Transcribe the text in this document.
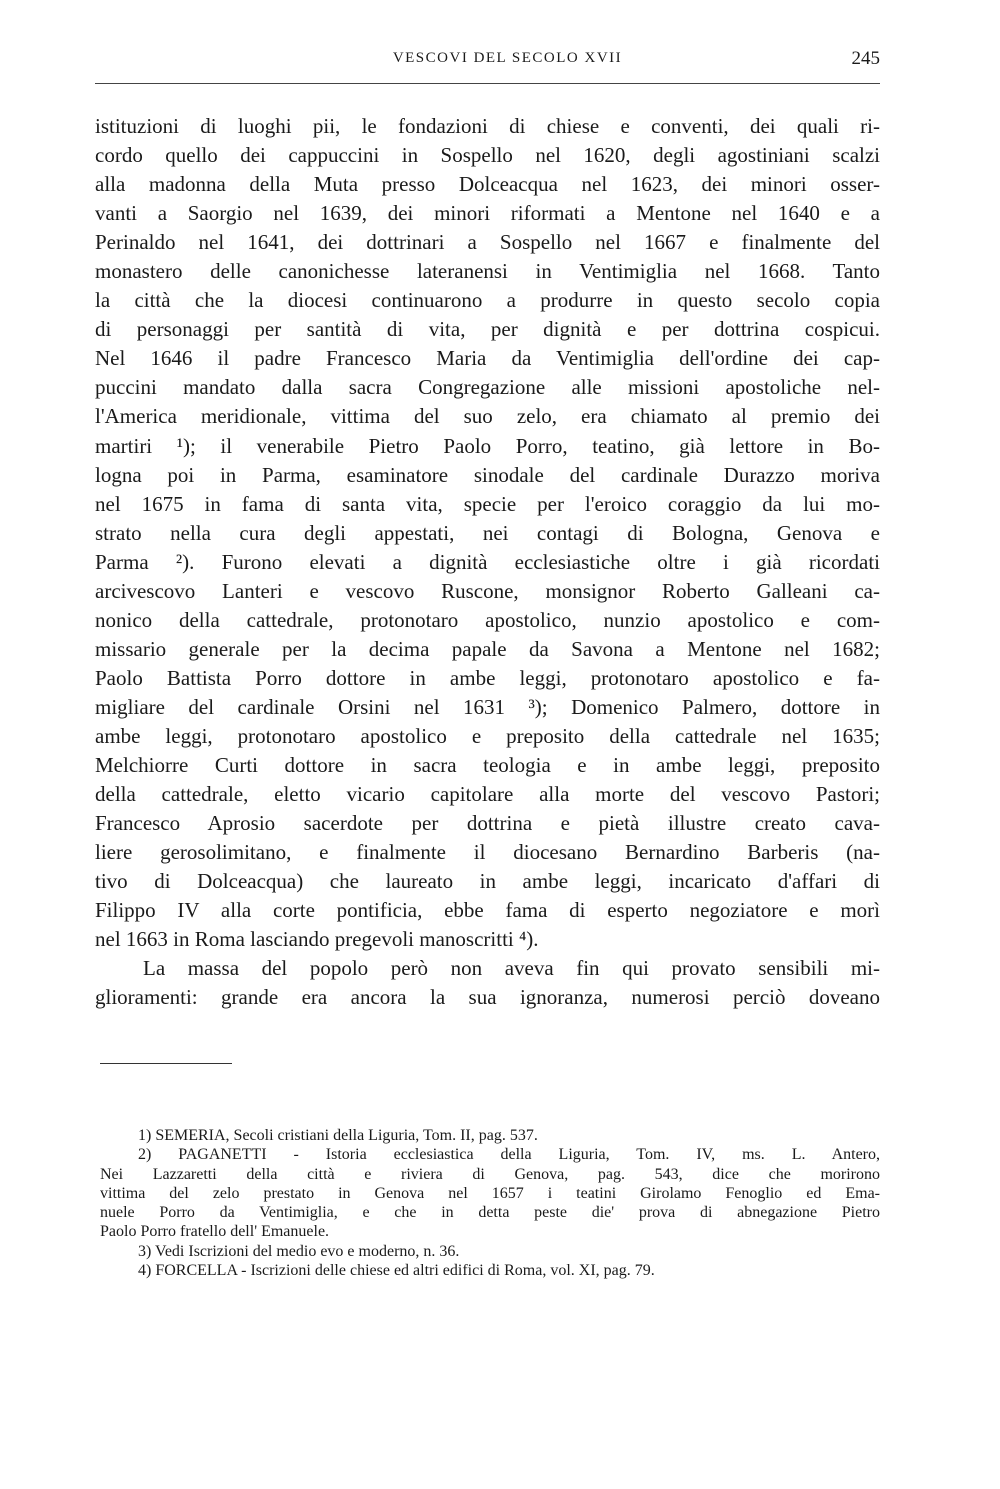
VESCOVI DEL SECOLO XVII	245
istituzioni di luoghi pii, le fondazioni di chiese e conventi, dei quali ri-
cordo quello dei cappuccini in Sospello nel 1620, degli agostiniani scalzi
alla madonna della Muta presso Dolceacqua nel 1623, dei minori osser-
vanti a Saorgio nel 1639, dei minori riformati a Mentone nel 1640 e a
Perinaldo nel 1641, dei dottrinari a Sospello nel 1667 e finalmente del
monastero delle canonichesse lateranensi in Ventimiglia nel 1668. Tanto
la città che la diocesi continuarono a produrre in questo secolo copia
di personaggi per santità di vita, per dignità e per dottrina cospicui.
Nel 1646 il padre Francesco Maria da Ventimiglia dell'ordine dei cap-
puccini mandato dalla sacra Congregazione alle missioni apostoliche nel-
l'America meridionale, vittima del suo zelo, era chiamato al premio dei
martiri ¹); il venerabile Pietro Paolo Porro, teatino, già lettore in Bo-
logna poi in Parma, esaminatore sinodale del cardinale Durazzo moriva
nel 1675 in fama di santa vita, specie per l'eroico coraggio da lui mo-
strato nella cura degli appestati, nei contagi di Bologna, Genova e
Parma ²). Furono elevati a dignità ecclesiastiche oltre i già ricordati
arcivescovo Lanteri e vescovo Ruscone, monsignor Roberto Galleani ca-
nonico della cattedrale, protonotaro apostolico, nunzio apostolico e com-
missario generale per la decima papale da Savona a Mentone nel 1682;
Paolo Battista Porro dottore in ambe leggi, protonotaro apostolico e fa-
migliare del cardinale Orsini nel 1631 ³); Domenico Palmero, dottore in
ambe leggi, protonotaro apostolico e preposito della cattedrale nel 1635;
Melchiorre Curti dottore in sacra teologia e in ambe leggi, preposito
della cattedrale, eletto vicario capitolare alla morte del vescovo Pastori;
Francesco Aprosio sacerdote per dottrina e pietà illustre creato cava-
liere gerosolimitano, e finalmente il diocesano Bernardino Barberis (na-
tivo di Dolceacqua) che laureato in ambe leggi, incaricato d'affari di
Filippo IV alla corte pontificia, ebbe fama di esperto negoziatore e morì
nel 1663 in Roma lasciando pregevoli manoscritti ⁴).
La massa del popolo però non aveva fin qui provato sensibili mi-
glioramenti: grande era ancora la sua ignoranza, numerosi perciò doveano
1) SEMERIA, Secoli cristiani della Liguria, Tom. II, pag. 537.
2) PAGANETTI - Istoria ecclesiastica della Liguria, Tom. IV, ms. L. Antero,
Nei Lazzaretti della città e riviera di Genova, pag. 543, dice che morirono
vittima del zelo prestato in Genova nel 1657 i teatini Girolamo Fenoglio ed Ema-
nuele Porro da Ventimiglia, e che in detta peste die' prova di abnegazione Pietro
Paolo Porro fratello dell' Emanuele.
3) Vedi Iscrizioni del medio evo e moderno, n. 36.
4) FORCELLA - Iscrizioni delle chiese ed altri edifici di Roma, vol. XI, pag. 79.
